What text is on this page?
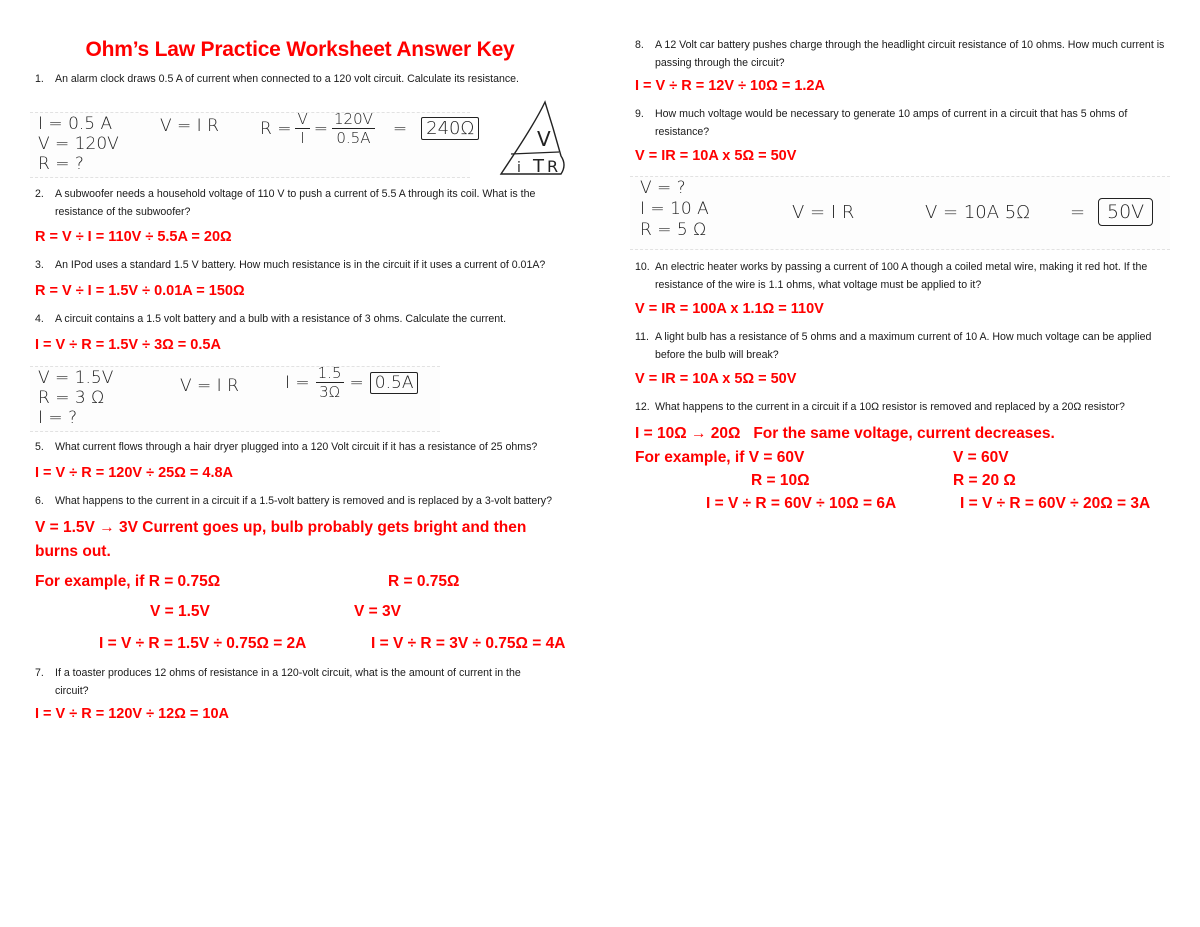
Ohm’s Law Practice Worksheet Answer Key
1. An alarm clock draws 0.5 A of current when connected to a 120 volt circuit. Calculate its resistance.
I = 0.5 A
V = 120V
R = ?
V = I R $R = \frac{V}{I} = \frac{120V}{0.5A} = 240\Omega$	V
i T R
2. A subwoofer needs a household voltage of 110 V to push a current of 5.5 A through its coil. What is the resistance of the subwoofer?
R = V ÷ I = 110V ÷ 5.5A = 20Ω
3. An IPod uses a standard 1.5 V battery. How much resistance is in the circuit if it uses a current of 0.01A?
R = V ÷ I = 1.5V ÷ 0.01A = 150Ω
4. A circuit contains a 1.5 volt battery and a bulb with a resistance of 3 ohms. Calculate the current.
I = V ÷ R = 1.5V ÷ 3Ω = 0.5A
V = 1.5V
R = 3 Ω
I = ?
V = I R	$I = \frac{1.5}{3\Omega} = 0.5A$
5. What current flows through a hair dryer plugged into a 120 Volt circuit if it has a resistance of 25 ohms?
I = V ÷ R = 120V ÷ 25Ω = 4.8A
6. What happens to the current in a circuit if a 1.5-volt battery is removed and is replaced by a 3-volt battery?
V = 1.5V → 3V Current goes up, bulb probably gets bright and then
burns out.
For example, if R = 0.75Ω	R = 0.75Ω
V = 1.5V	V = 3V
I = V ÷ R = 1.5V ÷ 0.75Ω = 2A	I = V ÷ R = 3V ÷ 0.75Ω = 4A
7. If a toaster produces 12 ohms of resistance in a 120-volt circuit, what is the amount of current in the circuit?
I = V ÷ R = 120V ÷ 12Ω = 10A
8. A 12 Volt car battery pushes charge through the headlight circuit resistance of 10 ohms. How much current is passing through the circuit?
I = V ÷ R = 12V ÷ 10Ω = 1.2A
9. How much voltage would be necessary to generate 10 amps of current in a circuit that has 5 ohms of resistance?
V = IR = 10A x 5Ω = 50V
V = ?
I = 10 A
R = 5 Ω
V = I R	V = 10A 5Ω =	50V
10. An electric heater works by passing a current of 100 A though a coiled metal wire, making it red hot. If the resistance of the wire is 1.1 ohms, what voltage must be applied to it?
V = IR = 100A x 1.1Ω = 110V
11. A light bulb has a resistance of 5 ohms and a maximum current of 10 A. How much voltage can be applied before the bulb will break?
V = IR = 10A x 5Ω = 50V
12. What happens to the current in a circuit if a 10Ω resistor is removed and replaced by a 20Ω resistor?
I = 10Ω → 20Ω   For the same voltage, current decreases.
For example, if V = 60V	V = 60V
R = 10Ω	R = 20 Ω
I = V ÷ R = 60V ÷ 10Ω = 6A	I = V ÷ R = 60V ÷ 20Ω = 3A
